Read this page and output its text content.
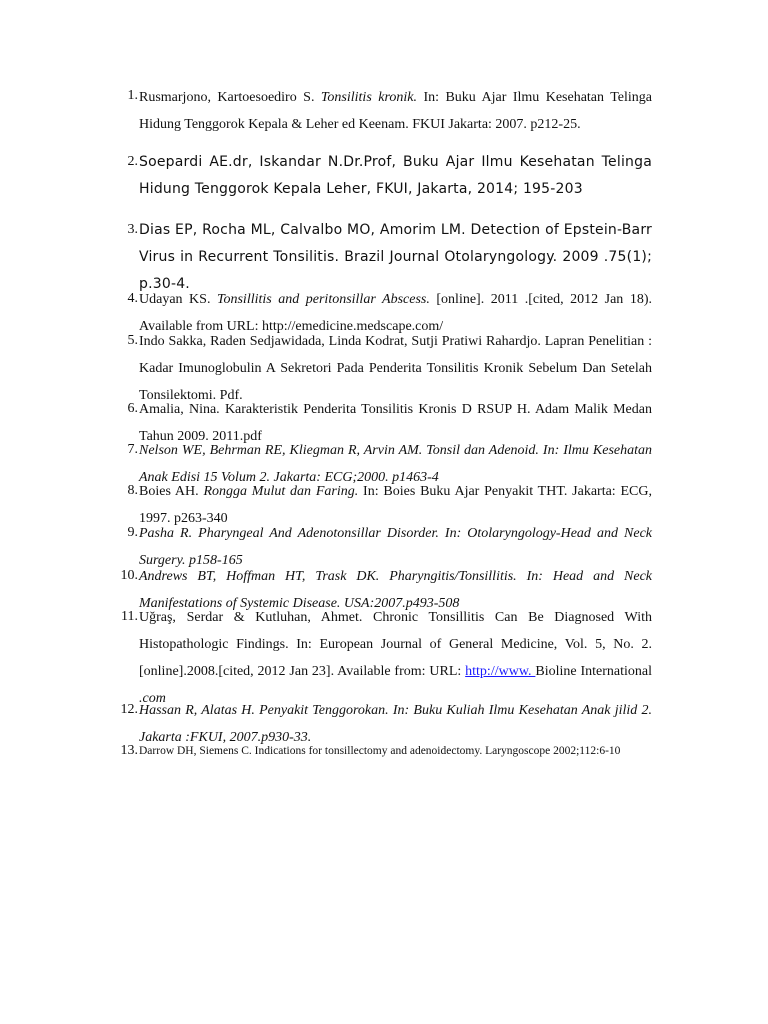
1. Rusmarjono, Kartoesoediro S. Tonsilitis kronik. In: Buku Ajar Ilmu Kesehatan Telinga Hidung Tenggorok Kepala & Leher ed Keenam. FKUI Jakarta: 2007. p212-25.
2. Soepardi AE.dr, Iskandar N.Dr.Prof, Buku Ajar Ilmu Kesehatan Telinga Hidung Tenggorok Kepala Leher, FKUI, Jakarta, 2014; 195-203
3. Dias EP, Rocha ML, Calvalbo MO, Amorim LM. Detection of Epstein-Barr Virus in Recurrent Tonsilitis. Brazil Journal Otolaryngology. 2009 .75(1); p.30-4.
4. Udayan KS. Tonsillitis and peritonsillar Abscess. [online]. 2011 .[cited, 2012 Jan 18). Available from URL: http://emedicine.medscape.com/
5. Indo Sakka, Raden Sedjawidada, Linda Kodrat, Sutji Pratiwi Rahardjo. Lapran Penelitian : Kadar Imunoglobulin A Sekretori Pada Penderita Tonsilitis Kronik Sebelum Dan Setelah Tonsilektomi. Pdf.
6. Amalia, Nina. Karakteristik Penderita Tonsilitis Kronis D RSUP H. Adam Malik Medan Tahun 2009. 2011.pdf
7. Nelson WE, Behrman RE, Kliegman R, Arvin AM. Tonsil dan Adenoid. In: Ilmu Kesehatan Anak Edisi 15 Volum 2. Jakarta: ECG;2000. p1463-4
8. Boies AH. Rongga Mulut dan Faring. In: Boies Buku Ajar Penyakit THT. Jakarta: ECG, 1997. p263-340
9. Pasha R. Pharyngeal And Adenotonsillar Disorder. In: Otolaryngology-Head and Neck Surgery. p158-165
10. Andrews BT, Hoffman HT, Trask DK. Pharyngitis/Tonsillitis. In: Head and Neck Manifestations of Systemic Disease. USA:2007.p493-508
11. Uğraş, Serdar & Kutluhan, Ahmet. Chronic Tonsillitis Can Be Diagnosed With Histopathologic Findings. In: European Journal of General Medicine, Vol. 5, No. 2. [online].2008.[cited, 2012 Jan 23]. Available from: URL: http://www. Bioline International .com
12. Hassan R, Alatas H. Penyakit Tenggorokan. In: Buku Kuliah Ilmu Kesehatan Anak jilid 2. Jakarta :FKUI, 2007.p930-33.
13. Darrow DH, Siemens C. Indications for tonsillectomy and adenoidectomy. Laryngoscope 2002;112:6-10
